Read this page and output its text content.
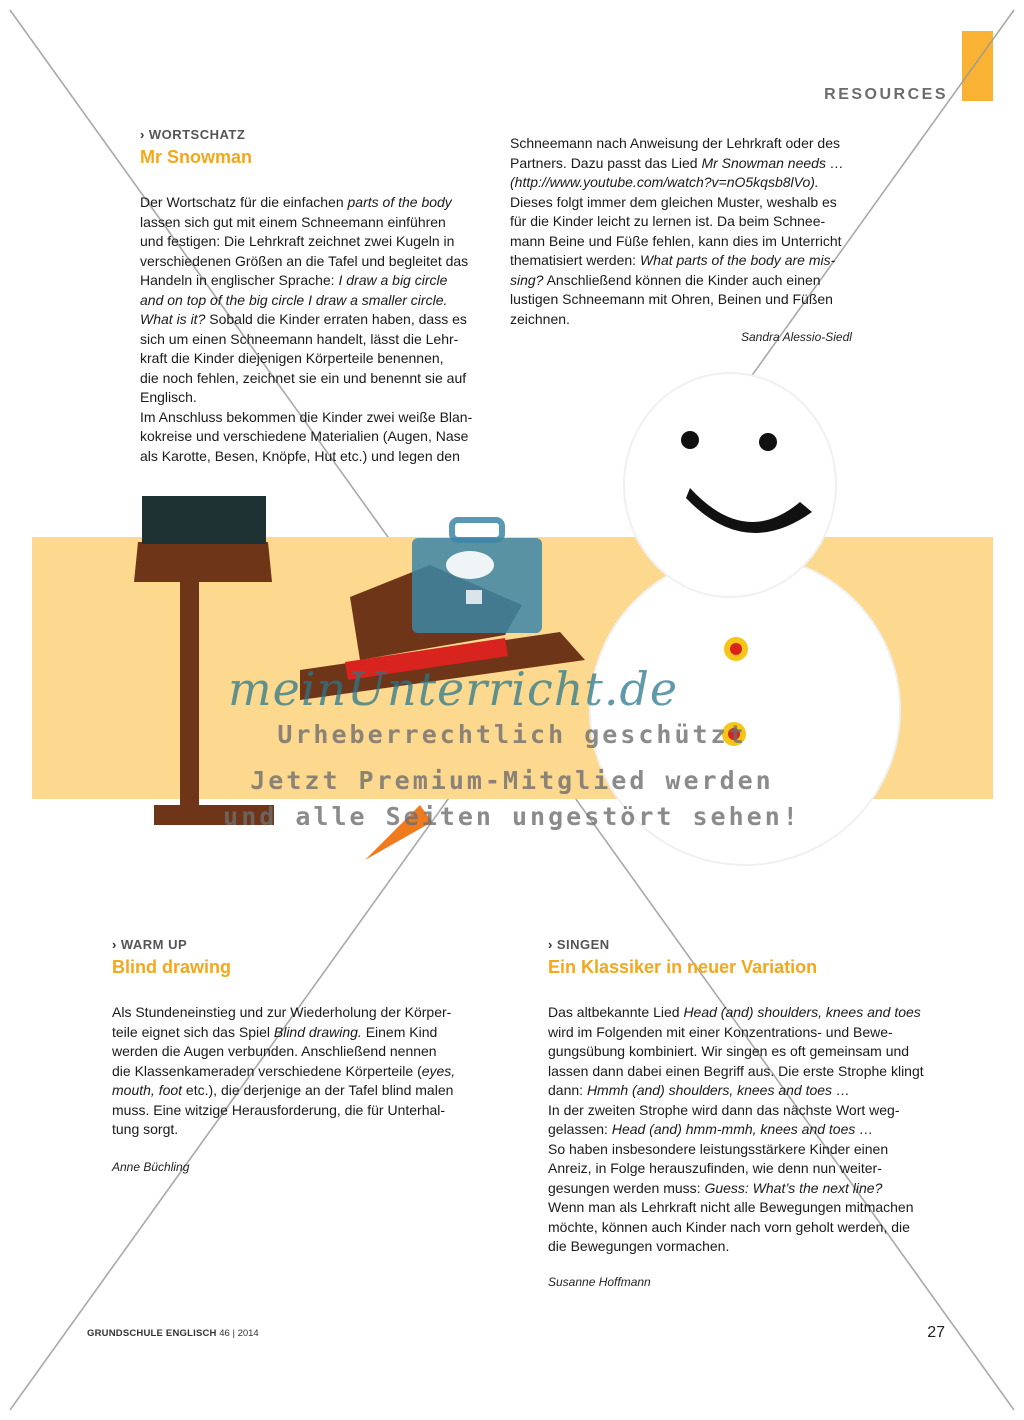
RESOURCES
› WORTSCHATZ
Mr Snowman
Der Wortschatz für die einfachen parts of the body
lassen sich gut mit einem Schneemann einführen
und festigen: Die Lehrkraft zeichnet zwei Kugeln in
verschiedenen Größen an die Tafel und begleitet das
Handeln in englischer Sprache: I draw a big circle
and on top of the big circle I draw a smaller circle.
What is it? Sobald die Kinder erraten haben, dass es
sich um einen Schneemann handelt, lässt die Lehr-
kraft die Kinder diejenigen Körperteile benennen,
die noch fehlen, zeichnet sie ein und benennt sie auf
Englisch.
Im Anschluss bekommen die Kinder zwei weiße Blan-
kokreise und verschiedene Materialien (Augen, Nase
als Karotte, Besen, Knöpfe, Hut etc.) und legen den
Schneemann nach Anweisung der Lehrkraft oder des
Partners. Dazu passt das Lied Mr Snowman needs …
(http://www.youtube.com/watch?v=nO5kqsb8lVo).
Dieses folgt immer dem gleichen Muster, weshalb es
für die Kinder leicht zu lernen ist. Da beim Schnee-
mann Beine und Füße fehlen, kann dies im Unterricht
thematisiert werden: What parts of the body are mis-
sing? Anschließend können die Kinder auch einen
lustigen Schneemann mit Ohren, Beinen und Füßen
zeichnen.
Sandra Alessio-Siedl
meinUnterricht.de
Urheberrechtlich geschützt
Jetzt Premium-Mitglied werden
und alle Seiten ungestört sehen!
› WARM UP
Blind drawing
Als Stundeneinstieg und zur Wiederholung der Körper-
teile eignet sich das Spiel Blind drawing. Einem Kind
werden die Augen verbunden. Anschließend nennen
die Klassenkameraden verschiedene Körperteile (eyes,
mouth, foot etc.), die derjenige an der Tafel blind malen
muss. Eine witzige Herausforderung, die für Unterhal-
tung sorgt.
Anne Büchling
› SINGEN
Ein Klassiker in neuer Variation
Das altbekannte Lied Head (and) shoulders, knees and toes
wird im Folgenden mit einer Konzentrations- und Bewe-
gungsübung kombiniert. Wir singen es oft gemeinsam und
lassen dann dabei einen Begriff aus. Die erste Strophe klingt
dann: Hmmh (and) shoulders, knees and toes …
In der zweiten Strophe wird dann das nächste Wort weg-
gelassen: Head (and) hmm-mmh, knees and toes …
So haben insbesondere leistungsstärkere Kinder einen
Anreiz, in Folge herauszufinden, wie denn nun weiter-
gesungen werden muss: Guess: What’s the next line?
Wenn man als Lehrkraft nicht alle Bewegungen mitmachen
möchte, können auch Kinder nach vorn geholt werden, die
die Bewegungen vormachen.
Susanne Hoffmann
GRUNDSCHULE ENGLISCH 46 | 2014	27
